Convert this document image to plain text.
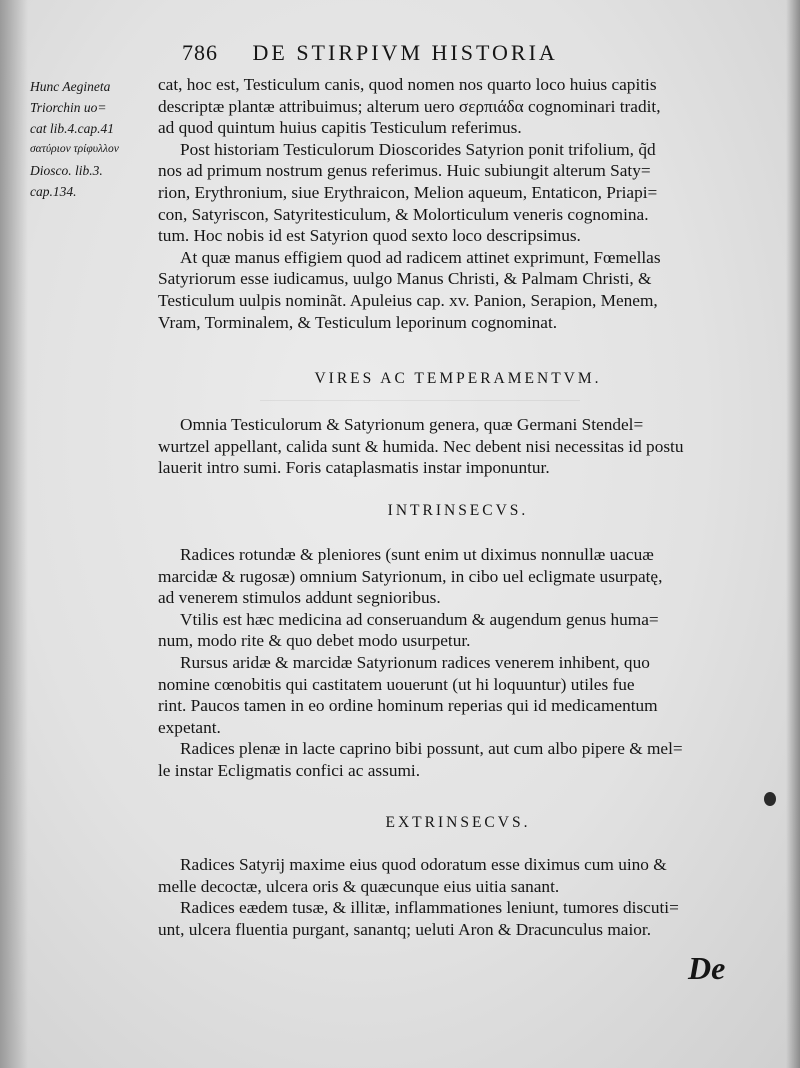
786 DE STIRPIVM HISTORIA
Hunc Aegineta
Triorchin uo=
cat lib.4.cap.41
σατύριον τρίφυλλον
Diosco. lib.3.
cap.134.
cat, hoc est, Testiculum canis, quod nomen nos quarto loco huius capitis
descriptæ plantæ attribuimus; alterum uero σερπιάδα cognominari tradit,
ad quod quintum huius capitis Testiculum referimus.
Post historiam Testiculorum Dioscorides Satyrion ponit trifolium, q̃d
nos ad primum nostrum genus referimus. Huic subiungit alterum Saty=
rion, Erythronium, siue Erythraicon, Melion aqueum, Entaticon, Priapi=
con, Satyriscon, Satyritesticulum, & Molorticulum veneris cognomina.
tum. Hoc nobis id est Satyrion quod sexto loco descripsimus.
At quæ manus effigiem quod ad radicem attinet exprimunt, Fœmellas
Satyriorum esse iudicamus, uulgo Manus Christi, & Palmam Christi, &
Testiculum uulpis nominãt. Apuleius cap. xv. Panion, Serapion, Menem,
Vram, Torminalem, & Testiculum leporinum cognominat.
VIRES AC TEMPERAMENTVM.
Omnia Testiculorum & Satyrionum genera, quæ Germani Stendel=
wurtzel appellant, calida sunt & humida. Nec debent nisi necessitas id postu
lauerit intro sumi. Foris cataplasmatis instar imponuntur.
INTRINSECVS.
Radices rotundæ & pleniores (sunt enim ut diximus nonnullæ uacuæ
marcidæ & rugosæ) omnium Satyrionum, in cibo uel ecligmate usurpatę,
ad venerem stimulos addunt segnioribus.
Vtilis est hæc medicina ad conseruandum & augendum genus huma=
num, modo rite & quo debet modo usurpetur.
Rursus aridæ & marcidæ Satyrionum radices venerem inhibent, quo
nomine cœnobitis qui castitatem uouerunt (ut hi loquuntur) utiles fue
rint. Paucos tamen in eo ordine hominum reperias qui id medicamentum
expetant.
Radices plenæ in lacte caprino bibi possunt, aut cum albo pipere & mel=
le instar Ecligmatis confici ac assumi.
EXTRINSECVS.
Radices Satyrij maxime eius quod odoratum esse diximus cum uino &
melle decoctæ, ulcera oris & quæcunque eius uitia sanant.
Radices eædem tusæ, & illitæ, inflammationes leniunt, tumores discuti=
unt, ulcera fluentia purgant, sanantq; ueluti Aron & Dracunculus maior.
De
